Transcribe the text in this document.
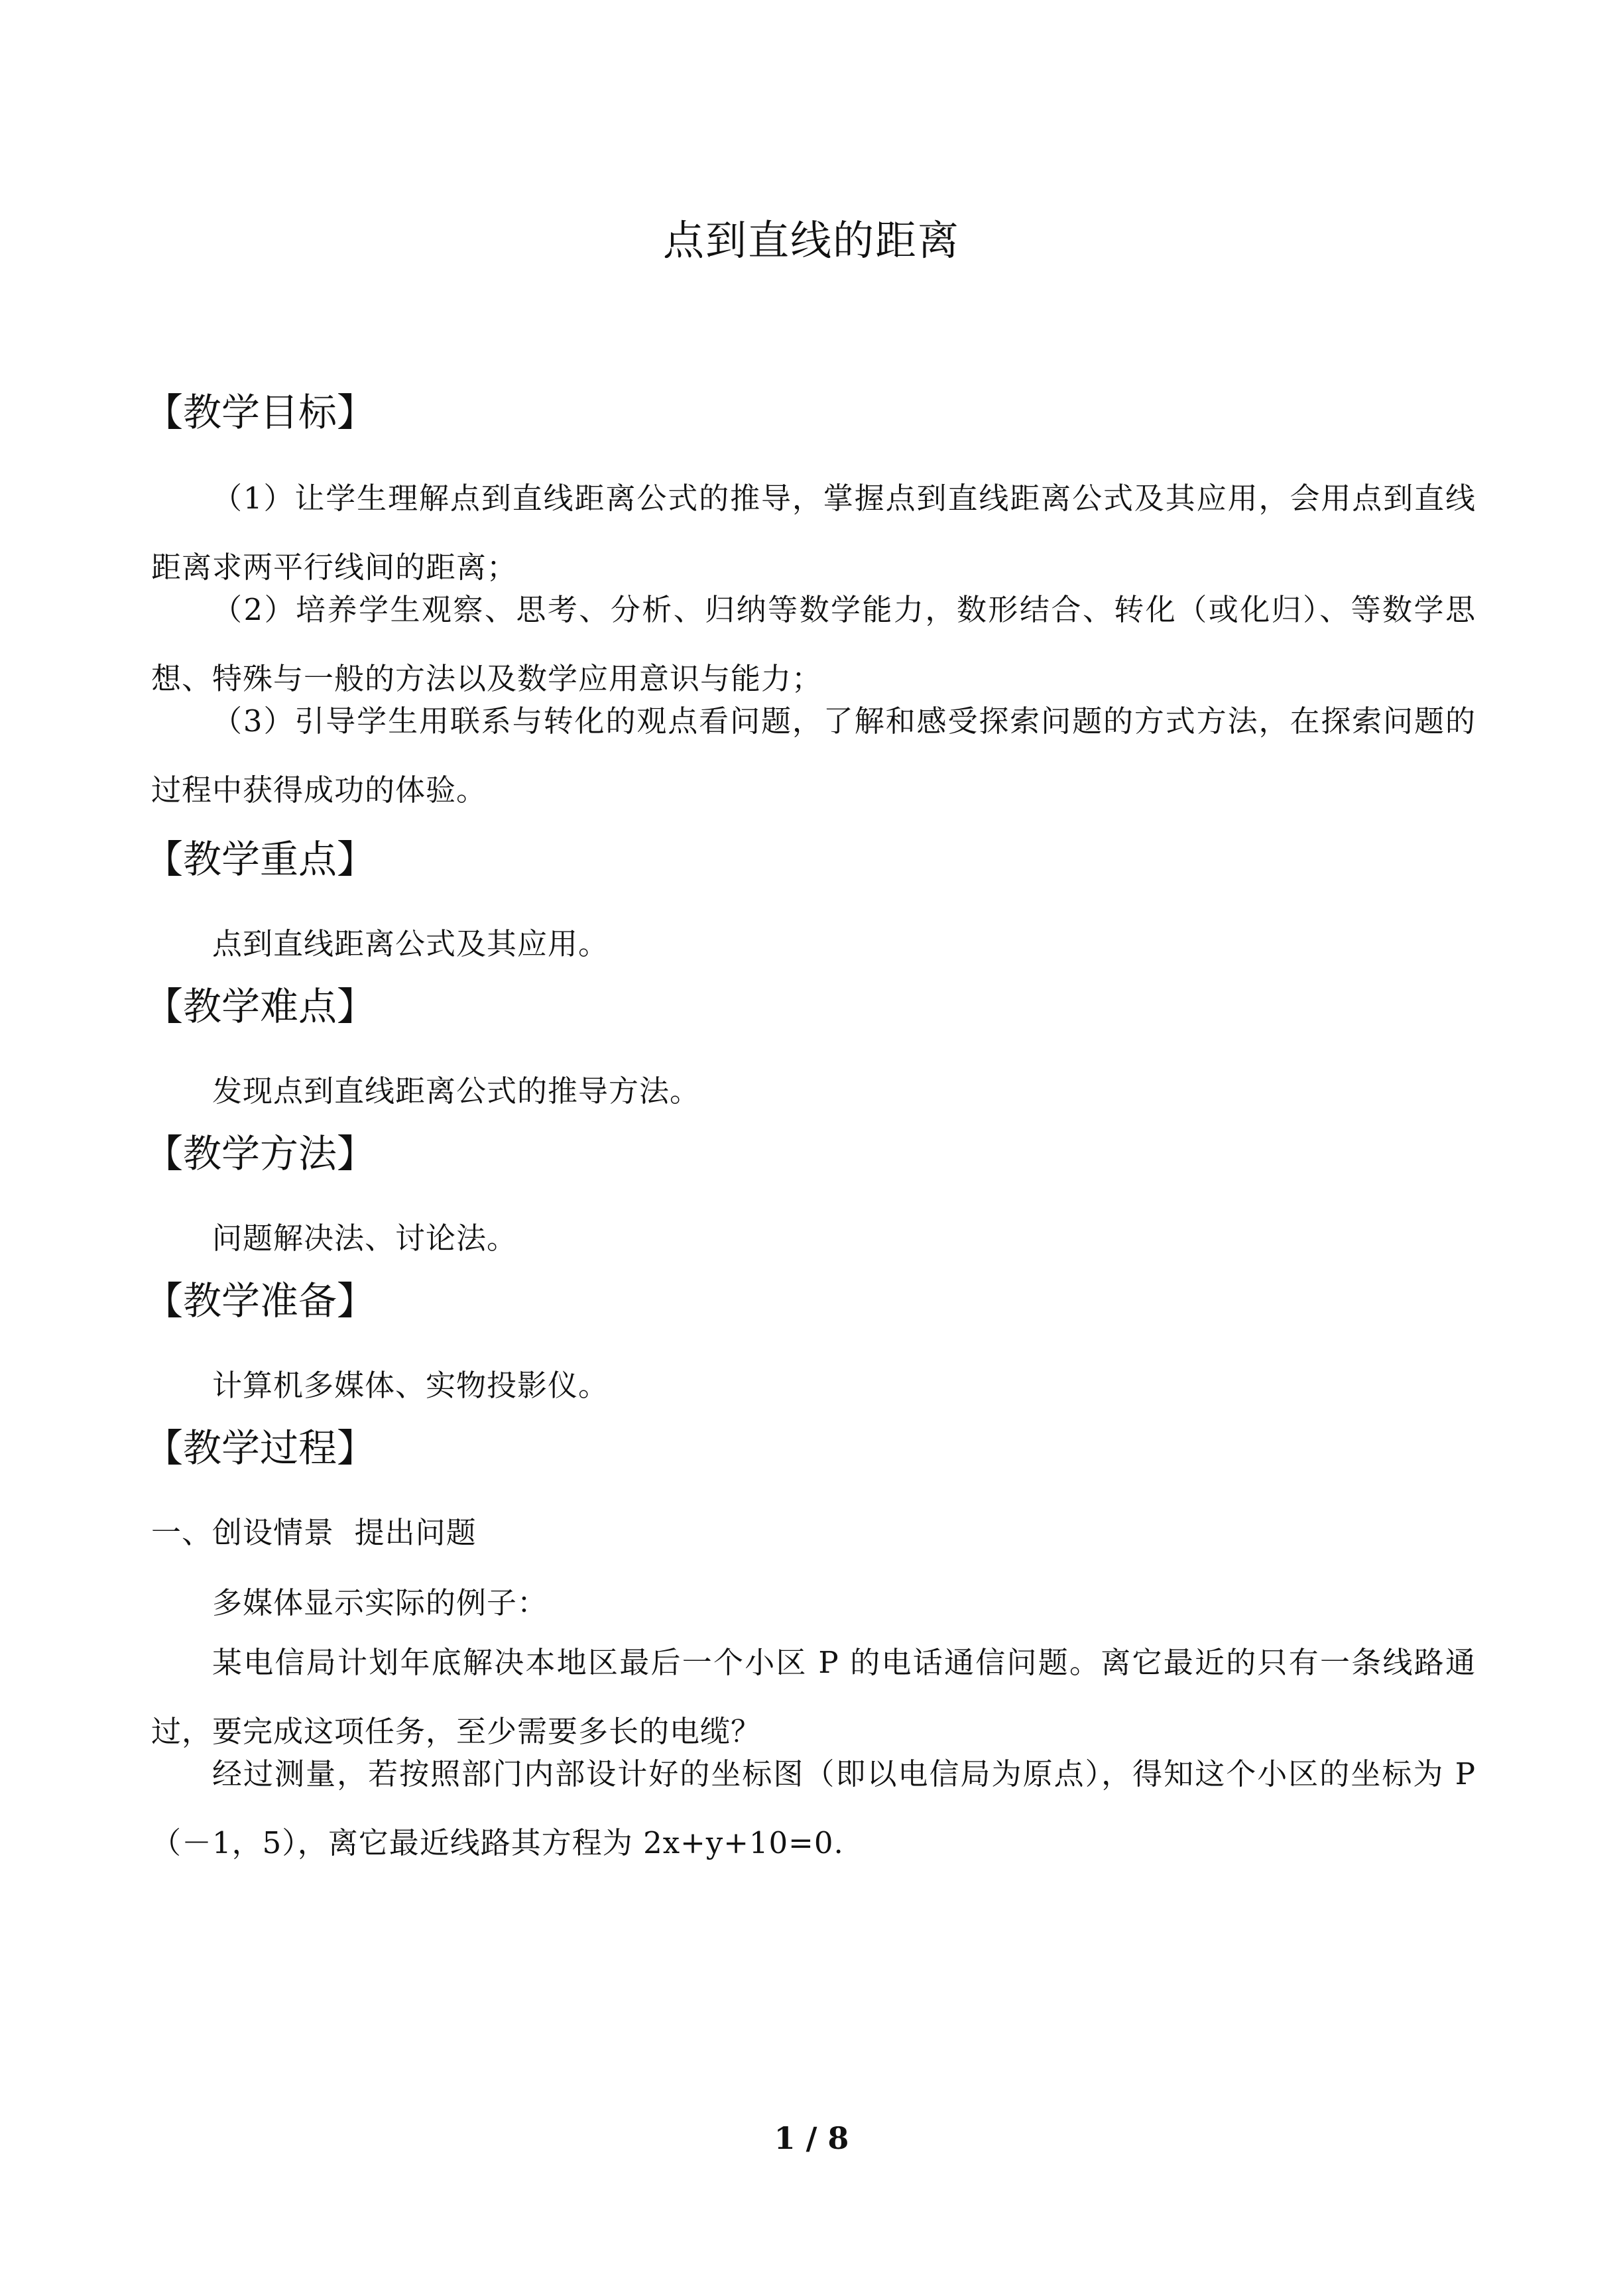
点到直线的距离
【教学目标】

（1）让学生理解点到直线距离公式的推导，掌握点到直线距离公式及其应用，会用点到直线距离求两平行线间的距离；

（2）培养学生观察、思考、分析、归纳等数学能力，数形结合、转化（或化归）、等数学思想、特殊与一般的方法以及数学应用意识与能力；

（3）引导学生用联系与转化的观点看问题，了解和感受探索问题的方式方法，在探索问题的过程中获得成功的体验。

【教学重点】
点到直线距离公式及其应用。
【教学难点】
发现点到直线距离公式的推导方法。
【教学方法】
问题解决法、讨论法。
【教学准备】
计算机多媒体、实物投影仪。
【教学过程】
一、创设情景  提出问题
多媒体显示实际的例子：

某电信局计划年底解决本地区最后一个小区 P 的电话通信问题。离它最近的只有一条线路通过，要完成这项任务，至少需要多长的电缆？

经过测量，若按照部门内部设计好的坐标图（即以电信局为原点），得知这个小区的坐标为 P（－1，5），离它最近线路其方程为 2x+y+10=0.

1 / 8
